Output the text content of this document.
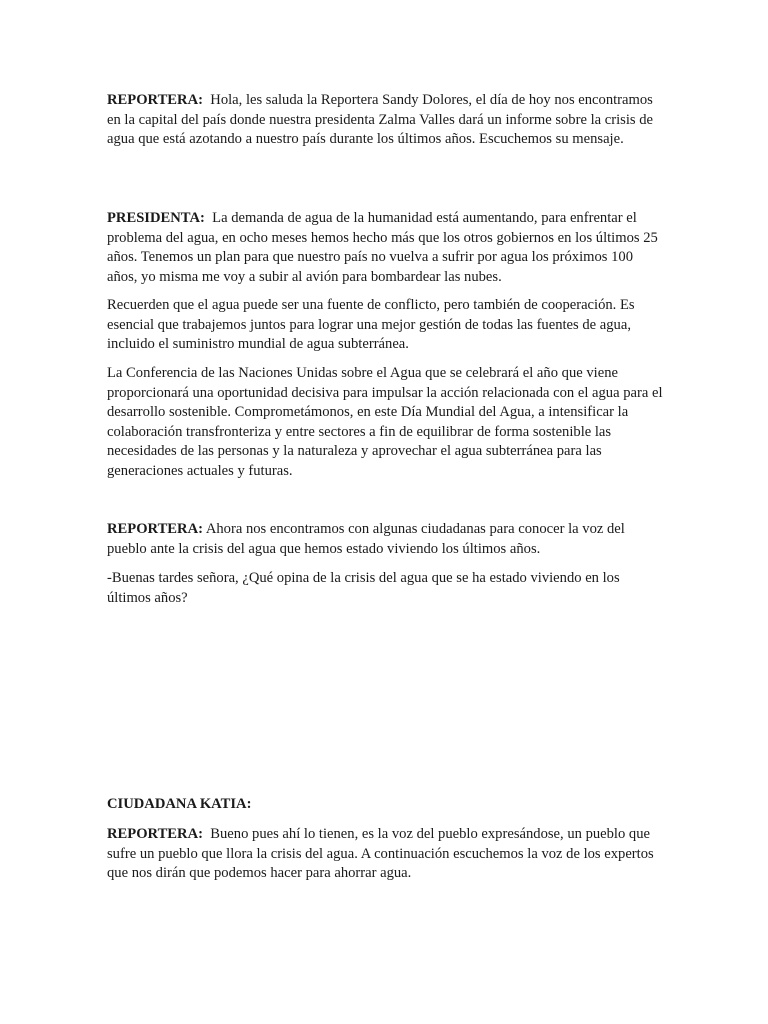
REPORTERA: Hola, les saluda la Reportera Sandy Dolores, el día de hoy nos encontramos en la capital del país donde nuestra presidenta Zalma Valles dará un informe sobre la crisis de agua que está azotando a nuestro país durante los últimos años. Escuchemos su mensaje.

PRESIDENTA: La demanda de agua de la humanidad está aumentando, para enfrentar el problema del agua, en ocho meses hemos hecho más que los otros gobiernos en los últimos 25 años. Tenemos un plan para que nuestro país no vuelva a sufrir por agua los próximos 100 años, yo misma me voy a subir al avión para bombardear las nubes.

Recuerden que el agua puede ser una fuente de conflicto, pero también de cooperación. Es esencial que trabajemos juntos para lograr una mejor gestión de todas las fuentes de agua, incluido el suministro mundial de agua subterránea.

La Conferencia de las Naciones Unidas sobre el Agua que se celebrará el año que viene proporcionará una oportunidad decisiva para impulsar la acción relacionada con el agua para el desarrollo sostenible. Comprometámonos, en este Día Mundial del Agua, a intensificar la colaboración transfronteriza y entre sectores a fin de equilibrar de forma sostenible las necesidades de las personas y la naturaleza y aprovechar el agua subterránea para las generaciones actuales y futuras.

REPORTERA: Ahora nos encontramos con algunas ciudadanas para conocer la voz del pueblo ante la crisis del agua que hemos estado viviendo los últimos años.

-Buenas tardes señora, ¿Qué opina de la crisis del agua que se ha estado viviendo en los últimos años?

CIUDADANA KATIA:

REPORTERA: Bueno pues ahí lo tienen, es la voz del pueblo expresándose, un pueblo que sufre un pueblo que llora la crisis del agua. A continuación escuchemos la voz de los expertos que nos dirán que podemos hacer para ahorrar agua.
